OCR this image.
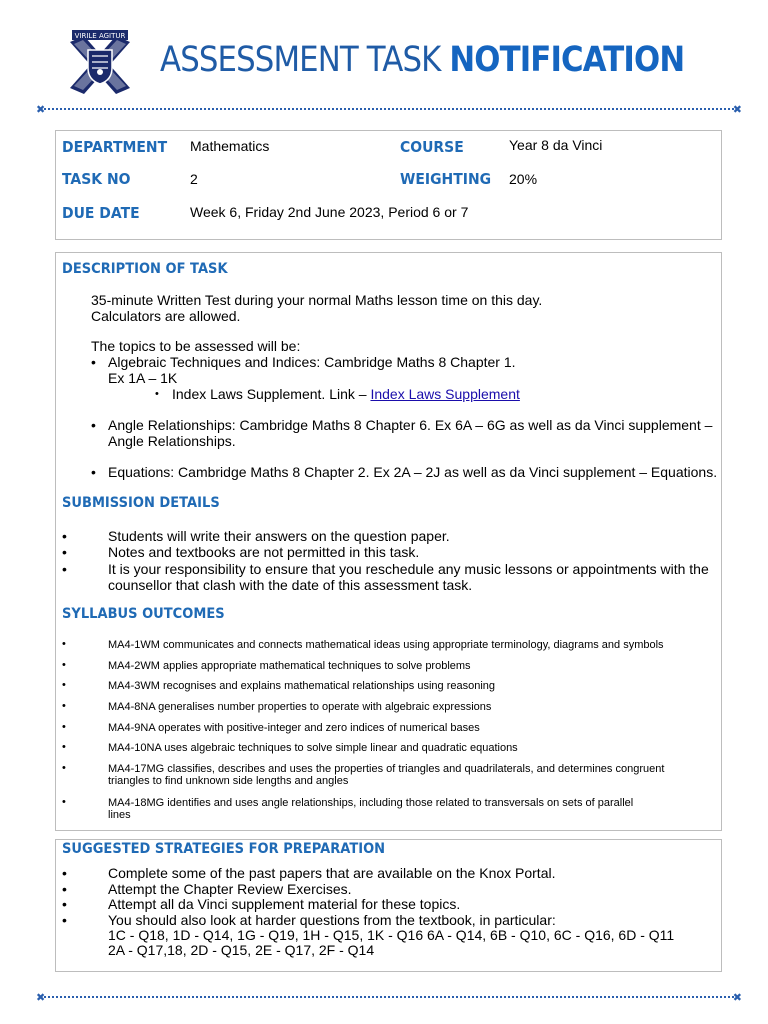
VIRILE AGITUR
ASSESSMENT TASK NOTIFICATION
✖	✖
DEPARTMENT Mathematics	COURSE	Year 8 da Vinci
TASK NO	2	WEIGHTING 20%
DUE DATE	Week 6, Friday 2nd June 2023, Period 6 or 7
DESCRIPTION OF TASK
35-minute Written Test during your normal Maths lesson time on this day.
Calculators are allowed.
The topics to be assessed will be:
• Algebraic Techniques and Indices: Cambridge Maths 8 Chapter 1.
Ex 1A – 1K
• Index Laws Supplement. Link – Index Laws Supplement
• Angle Relationships: Cambridge Maths 8 Chapter 6. Ex 6A – 6G as well as da Vinci supplement –
Angle Relationships.
• Equations: Cambridge Maths 8 Chapter 2. Ex 2A – 2J as well as da Vinci supplement – Equations.
SUBMISSION DETAILS
•	Students will write their answers on the question paper.
•	Notes and textbooks are not permitted in this task.
•	It is your responsibility to ensure that you reschedule any music lessons or appointments with the
counsellor that clash with the date of this assessment task.
SYLLABUS OUTCOMES
•	MA4-1WM communicates and connects mathematical ideas using appropriate terminology, diagrams and symbols
•	MA4-2WM applies appropriate mathematical techniques to solve problems
•	MA4-3WM recognises and explains mathematical relationships using reasoning
•	MA4-8NA generalises number properties to operate with algebraic expressions
•	MA4-9NA operates with positive-integer and zero indices of numerical bases
•	MA4-10NA uses algebraic techniques to solve simple linear and quadratic equations
•	MA4-17MG classifies, describes and uses the properties of triangles and quadrilaterals, and determines congruent
triangles to find unknown side lengths and angles
•	MA4-18MG identifies and uses angle relationships, including those related to transversals on sets of parallel
lines
SUGGESTED STRATEGIES FOR PREPARATION
•	Complete some of the past papers that are available on the Knox Portal.
•	Attempt the Chapter Review Exercises.
•	Attempt all da Vinci supplement material for these topics.
•	You should also look at harder questions from the textbook, in particular:
1C - Q18, 1D - Q14, 1G - Q19, 1H - Q15, 1K - Q16 6A - Q14, 6B - Q10, 6C - Q16, 6D - Q11
2A - Q17,18, 2D - Q15, 2E - Q17, 2F - Q14
✖	✖
